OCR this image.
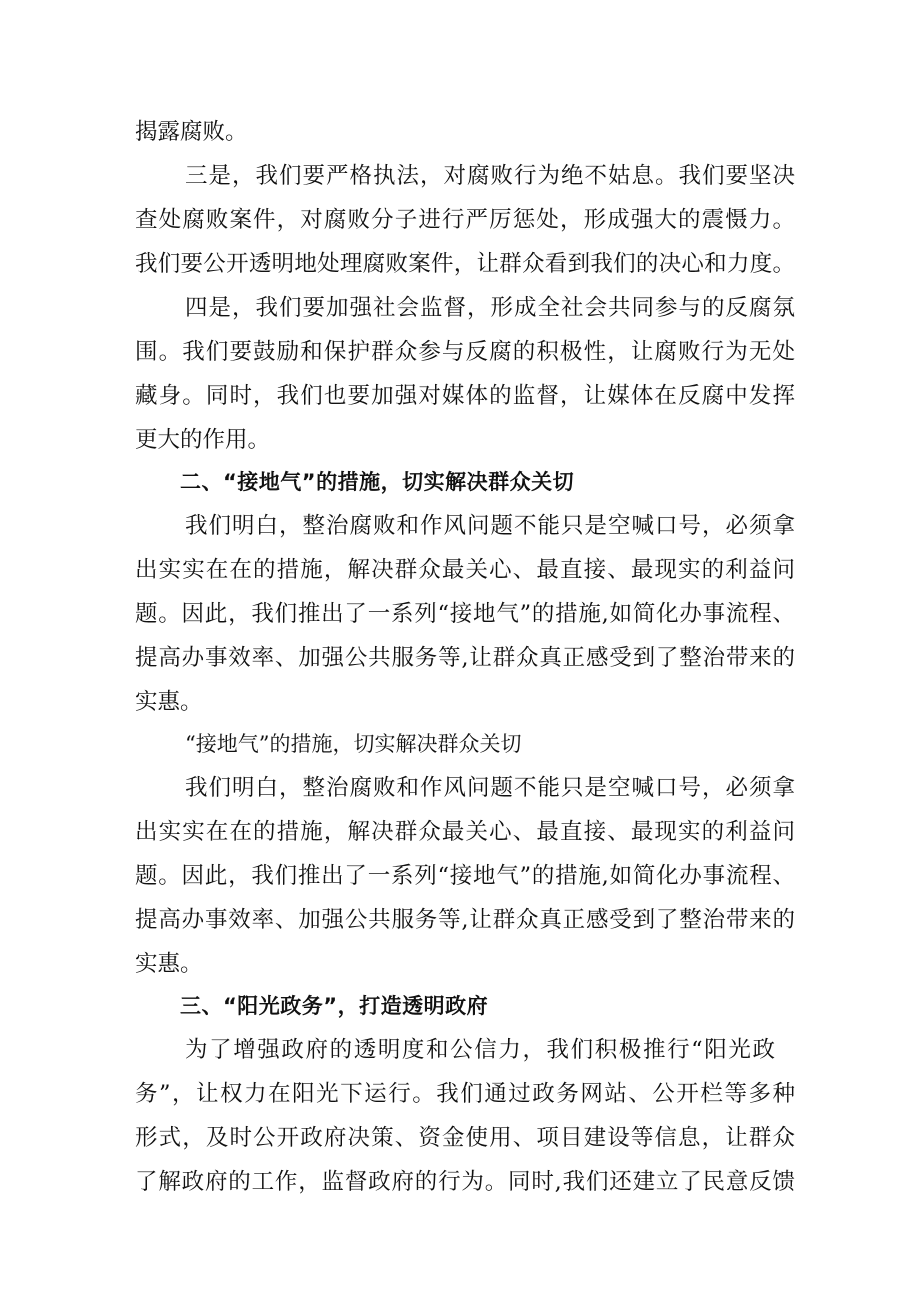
揭露腐败。
三是，我们要严格执法，对腐败行为绝不姑息。我们要坚决
查处腐败案件，对腐败分子进行严厉惩处，形成强大的震慑力。
我们要公开透明地处理腐败案件，让群众看到我们的决心和力度。
四是，我们要加强社会监督，形成全社会共同参与的反腐氛
围。我们要鼓励和保护群众参与反腐的积极性，让腐败行为无处
藏身。同时，我们也要加强对媒体的监督，让媒体在反腐中发挥
更大的作用。
二、“接地气”的措施，切实解决群众关切
我们明白，整治腐败和作风问题不能只是空喊口号，必须拿
出实实在在的措施，解决群众最关心、最直接、最现实的利益问
题。因此，我们推出了一系列“接地气”的措施,如简化办事流程、
提高办事效率、加强公共服务等,让群众真正感受到了整治带来的
实惠。
“接地气”的措施，切实解决群众关切
我们明白，整治腐败和作风问题不能只是空喊口号，必须拿
出实实在在的措施，解决群众最关心、最直接、最现实的利益问
题。因此，我们推出了一系列“接地气”的措施,如简化办事流程、
提高办事效率、加强公共服务等,让群众真正感受到了整治带来的
实惠。
三、“阳光政务”，打造透明政府
为了增强政府的透明度和公信力，我们积极推行“阳光政
务”，让权力在阳光下运行。我们通过政务网站、公开栏等多种
形式，及时公开政府决策、资金使用、项目建设等信息，让群众
了解政府的工作，监督政府的行为。同时,我们还建立了民意反馈
